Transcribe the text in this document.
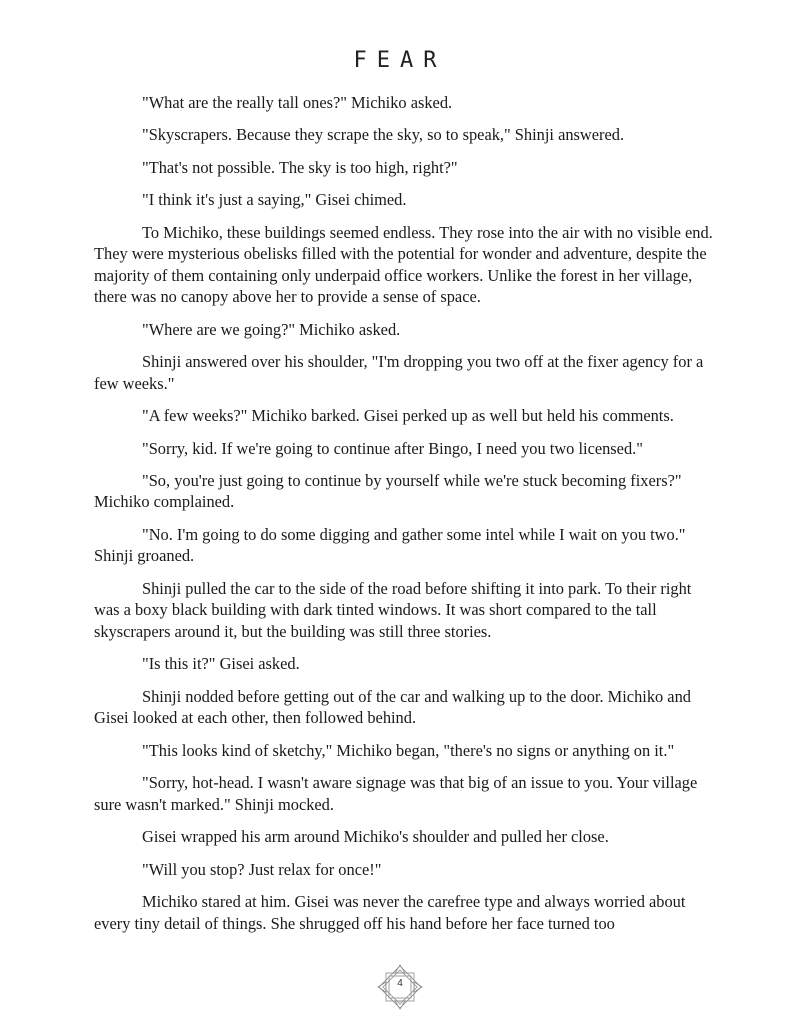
FEAR

"What are the really tall ones?" Michiko asked.

"Skyscrapers. Because they scrape the sky, so to speak," Shinji answered.

"That's not possible. The sky is too high, right?"

"I think it's just a saying," Gisei chimed.

To Michiko, these buildings seemed endless. They rose into the air with no visible end. They were mysterious obelisks filled with the potential for wonder and adventure, despite the majority of them containing only underpaid office workers. Unlike the forest in her village, there was no canopy above her to provide a sense of space.

"Where are we going?" Michiko asked.

Shinji answered over his shoulder, "I'm dropping you two off at the fixer agency for a few weeks."

"A few weeks?" Michiko barked. Gisei perked up as well but held his comments.

"Sorry, kid. If we're going to continue after Bingo, I need you two licensed."

"So, you're just going to continue by yourself while we're stuck becoming fixers?" Michiko complained.

"No. I'm going to do some digging and gather some intel while I wait on you two." Shinji groaned.

Shinji pulled the car to the side of the road before shifting it into park. To their right was a boxy black building with dark tinted windows. It was short compared to the tall skyscrapers around it, but the building was still three stories.

"Is this it?" Gisei asked.

Shinji nodded before getting out of the car and walking up to the door. Michiko and Gisei looked at each other, then followed behind.

"This looks kind of sketchy," Michiko began, "there's no signs or anything on it."

"Sorry, hot-head. I wasn't aware signage was that big of an issue to you. Your village sure wasn't marked." Shinji mocked.

Gisei wrapped his arm around Michiko's shoulder and pulled her close.

"Will you stop? Just relax for once!"

Michiko stared at him. Gisei was never the carefree type and always worried about every tiny detail of things. She shrugged off his hand before her face turned too

4
